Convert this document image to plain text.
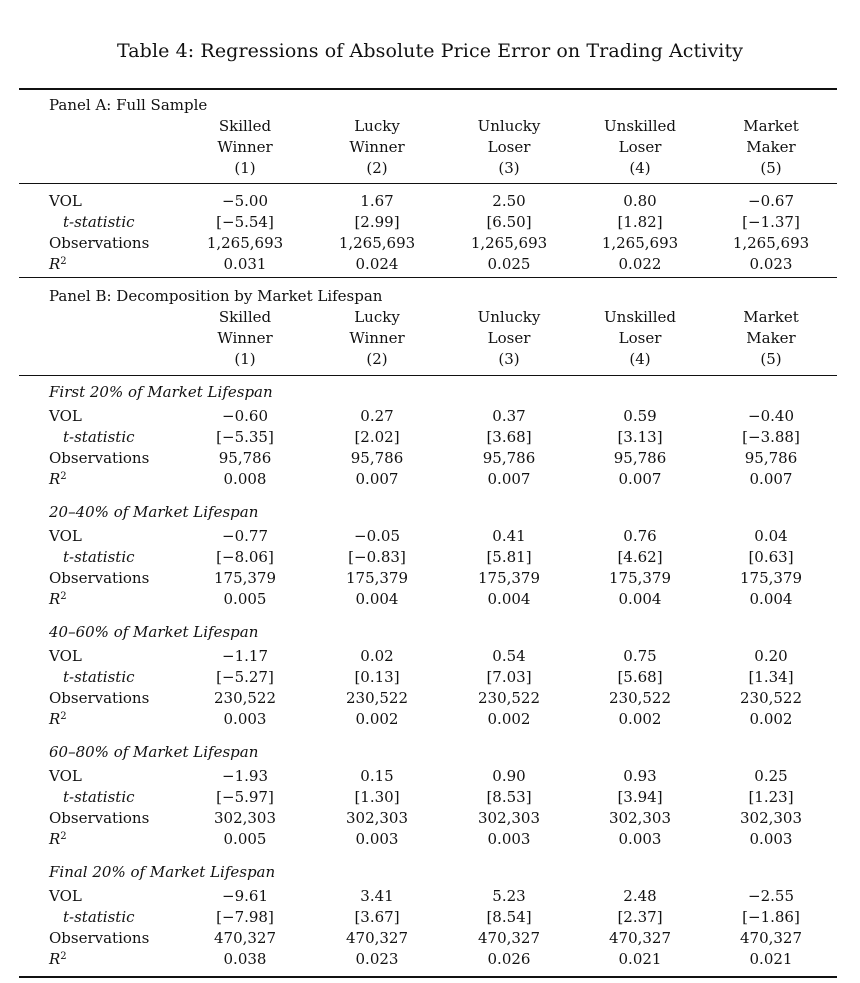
Table 4: Regressions of Absolute Price Error on Trading Activity
Panel A: Full Sample
Skilled	Lucky	Unlucky	Unskilled	Market
Winner	Winner	Loser	Loser	Maker
(1)	(2)	(3)	(4)	(5)
VOL	−5.00	1.67	2.50	0.80	−0.67
t-statistic	[−5.54]	[2.99]	[6.50]	[1.82]	[−1.37]
Observations	1,265,693	1,265,693	1,265,693	1,265,693	1,265,693
$R^2$	0.031	0.024	0.025	0.022	0.023
Panel B: Decomposition by Market Lifespan
Skilled	Lucky	Unlucky	Unskilled	Market
Winner	Winner	Loser	Loser	Maker
(1)	(2)	(3)	(4)	(5)
First 20% of Market Lifespan
VOL	−0.60	0.27	0.37	0.59	−0.40
t-statistic	[−5.35]	[2.02]	[3.68]	[3.13]	[−3.88]
Observations	95,786	95,786	95,786	95,786	95,786
$R^2$	0.008	0.007	0.007	0.007	0.007
20–40% of Market Lifespan
VOL	−0.77	−0.05	0.41	0.76	0.04
t-statistic	[−8.06]	[−0.83]	[5.81]	[4.62]	[0.63]
Observations	175,379	175,379	175,379	175,379	175,379
$R^2$	0.005	0.004	0.004	0.004	0.004
40–60% of Market Lifespan
VOL	−1.17	0.02	0.54	0.75	0.20
t-statistic	[−5.27]	[0.13]	[7.03]	[5.68]	[1.34]
Observations	230,522	230,522	230,522	230,522	230,522
$R^2$	0.003	0.002	0.002	0.002	0.002
60–80% of Market Lifespan
VOL	−1.93	0.15	0.90	0.93	0.25
t-statistic	[−5.97]	[1.30]	[8.53]	[3.94]	[1.23]
Observations	302,303	302,303	302,303	302,303	302,303
$R^2$	0.005	0.003	0.003	0.003	0.003
Final 20% of Market Lifespan
VOL	−9.61	3.41	5.23	2.48	−2.55
t-statistic	[−7.98]	[3.67]	[8.54]	[2.37]	[−1.86]
Observations	470,327	470,327	470,327	470,327	470,327
$R^2$	0.038	0.023	0.026	0.021	0.021
